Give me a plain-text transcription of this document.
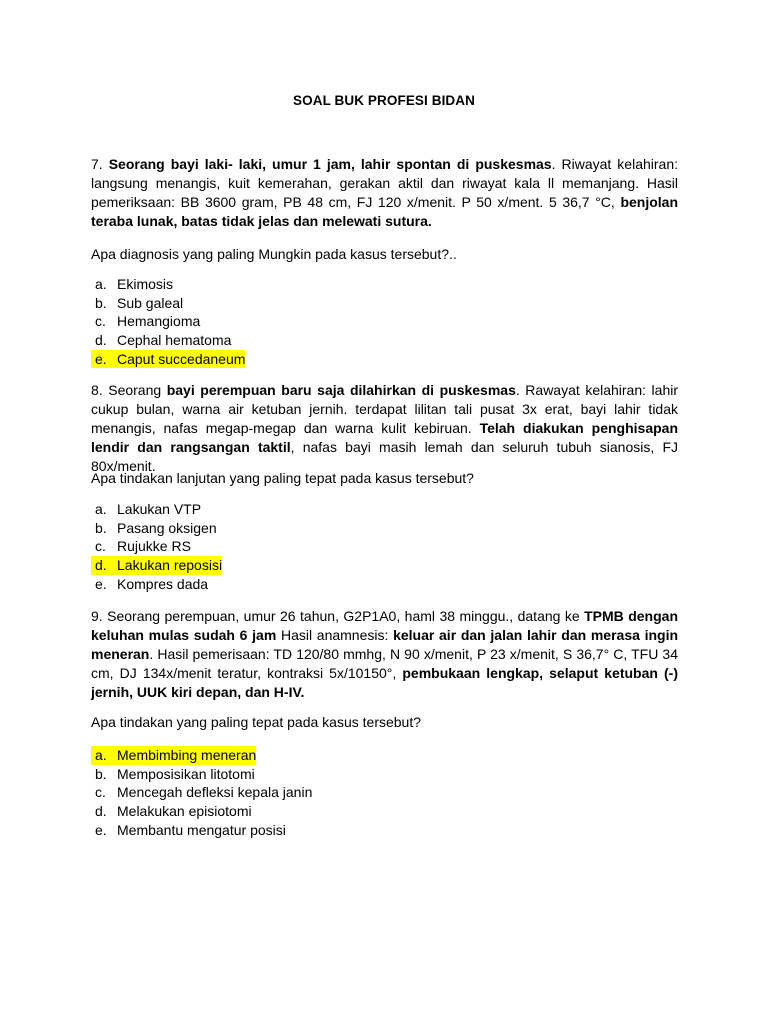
SOAL BUK PROFESI BIDAN

7. Seorang bayi laki- laki, umur 1 jam, lahir spontan di puskesmas. Riwayat kelahiran: langsung menangis, kuit kemerahan, gerakan aktil dan riwayat kala ll memanjang. Hasil pemeriksaan: BB 3600 gram, PB 48 cm, FJ 120 x/menit. P 50 x/ment. 5 36,7 °C, benjolan teraba lunak, batas tidak jelas dan melewati sutura.

Apa diagnosis yang paling Mungkin pada kasus tersebut?..

a. Ekimosis
b. Sub galeal
c. Hemangioma
d. Cephal hematoma
e. Caput succedaneum

8. Seorang bayi perempuan baru saja dilahirkan di puskesmas. Rawayat kelahiran: lahir cukup bulan, warna air ketuban jernih. terdapat lilitan tali pusat 3x erat, bayi lahir tidak menangis, nafas megap-megap dan warna kulit kebiruan. Telah diakukan penghisapan lendir dan rangsangan taktil, nafas bayi masih lemah dan seluruh tubuh sianosis, FJ 80x/menit.

Apa tindakan lanjutan yang paling tepat pada kasus tersebut?

a. Lakukan VTP
b. Pasang oksigen
c. Rujukke RS
d. Lakukan reposisi
e. Kompres dada

9. Seorang perempuan, umur 26 tahun, G2P1A0, haml 38 minggu., datang ke TPMB dengan keluhan mulas sudah 6 jam Hasil anamnesis: keluar air dan jalan lahir dan merasa ingin meneran. Hasil pemerisaan: TD 120/80 mmhg, N 90 x/menit, P 23 x/menit, S 36,7° C, TFU 34 cm, DJ 134x/menit teratur, kontraksi 5x/10150°, pembukaan lengkap, selaput ketuban (-) jernih, UUK kiri depan, dan H-IV.

Apa tindakan yang paling tepat pada kasus tersebut?

a. Membimbing meneran
b. Memposisikan litotomi
c. Mencegah defleksi kepala janin
d. Melakukan episiotomi
e. Membantu mengatur posisi
